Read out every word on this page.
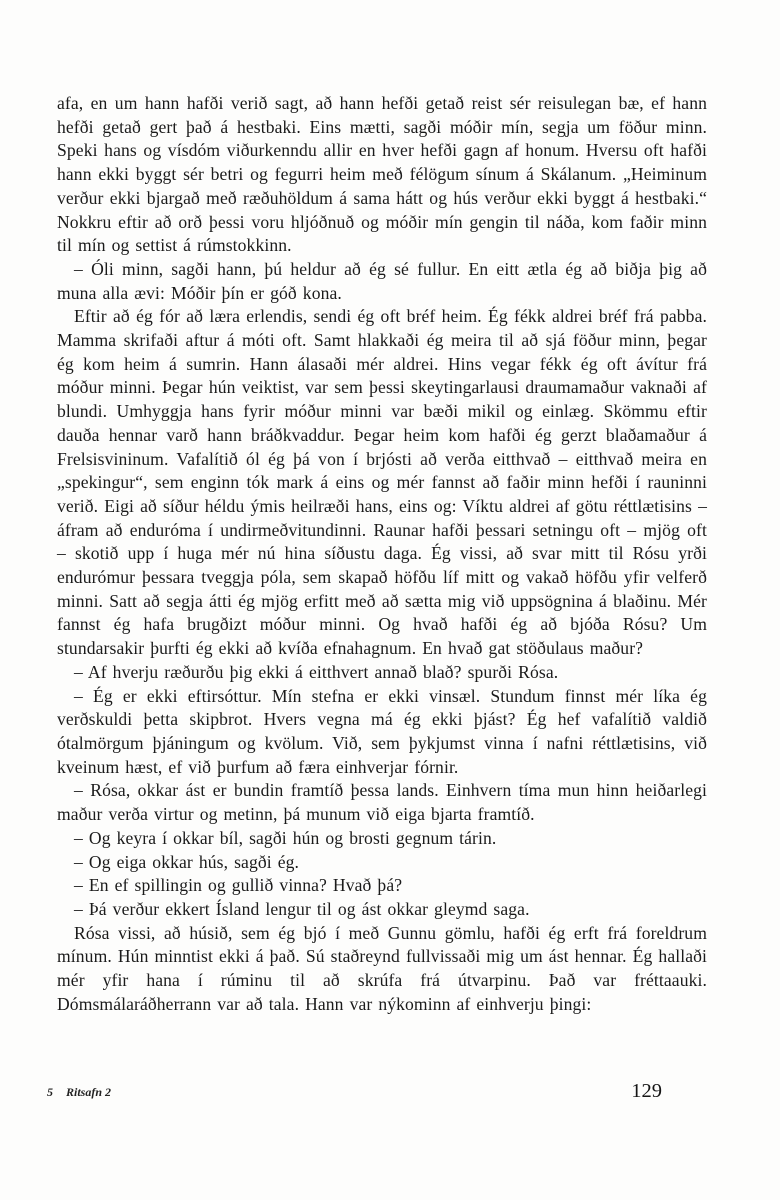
afa, en um hann hafði verið sagt, að hann hefði getað reist sér reisulegan bæ, ef hann hefði getað gert það á hestbaki. Eins mætti, sagði móðir mín, segja um föður minn. Speki hans og vísdóm viðurkenndu allir en hver hefði gagn af honum. Hversu oft hafði hann ekki byggt sér betri og fegurri heim með félögum sínum á Skálanum. „Heiminum verður ekki bjargað með ræðuhöldum á sama hátt og hús verður ekki byggt á hestbaki.“ Nokkru eftir að orð þessi voru hljóðnuð og móðir mín gengin til náða, kom faðir minn til mín og settist á rúmstokkinn.

– Óli minn, sagði hann, þú heldur að ég sé fullur. En eitt ætla ég að biðja þig að muna alla ævi: Móðir þín er góð kona.

Eftir að ég fór að læra erlendis, sendi ég oft bréf heim. Ég fékk aldrei bréf frá pabba. Mamma skrifaði aftur á móti oft. Samt hlakkaði ég meira til að sjá föður minn, þegar ég kom heim á sumrin. Hann álasaði mér aldrei. Hins vegar fékk ég oft ávítur frá móður minni. Þegar hún veiktist, var sem þessi skeytingarlausi draumamaður vaknaði af blundi. Umhyggja hans fyrir móður minni var bæði mikil og einlæg. Skömmu eftir dauða hennar varð hann bráðkvaddur. Þegar heim kom hafði ég gerzt blaðamaður á Frelsisvininum. Vafalítið ól ég þá von í brjósti að verða eitthvað – eitthvað meira en „spekingur“, sem enginn tók mark á eins og mér fannst að faðir minn hefði í rauninni verið. Eigi að síður héldu ýmis heilræði hans, eins og: Víktu aldrei af götu réttlætisins – áfram að enduróma í undirmeðvitundinni. Raunar hafði þessari setningu oft – mjög oft – skotið upp í huga mér nú hina síðustu daga. Ég vissi, að svar mitt til Rósu yrði endurómur þessara tveggja póla, sem skapað höfðu líf mitt og vakað höfðu yfir velferð minni. Satt að segja átti ég mjög erfitt með að sætta mig við uppsögnina á blaðinu. Mér fannst ég hafa brugðizt móður minni. Og hvað hafði ég að bjóða Rósu? Um stundarsakir þurfti ég ekki að kvíða efnahagnum. En hvað gat stöðulaus maður?

– Af hverju ræðurðu þig ekki á eitthvert annað blað? spurði Rósa.

– Ég er ekki eftirsóttur. Mín stefna er ekki vinsæl. Stundum finnst mér líka ég verðskuldi þetta skipbrot. Hvers vegna má ég ekki þjást? Ég hef vafalítið valdið ótalmörgum þjáningum og kvölum. Við, sem þykjumst vinna í nafni réttlætisins, við kveinum hæst, ef við þurfum að færa einhverjar fórnir.

– Rósa, okkar ást er bundin framtíð þessa lands. Einhvern tíma mun hinn heiðarlegi maður verða virtur og metinn, þá munum við eiga bjarta framtíð.

– Og keyra í okkar bíl, sagði hún og brosti gegnum tárin.

– Og eiga okkar hús, sagði ég.

– En ef spillingin og gullið vinna? Hvað þá?

– Þá verður ekkert Ísland lengur til og ást okkar gleymd saga.

Rósa vissi, að húsið, sem ég bjó í með Gunnu gömlu, hafði ég erft frá foreldrum mínum. Hún minntist ekki á það. Sú staðreynd fullvissaði mig um ást hennar. Ég hallaði mér yfir hana í rúminu til að skrúfa frá útvarpinu. Það var fréttaauki. Dómsmálaráðherrann var að tala. Hann var nýkominn af einhverju þingi:

5 Ritsafn 2	129
